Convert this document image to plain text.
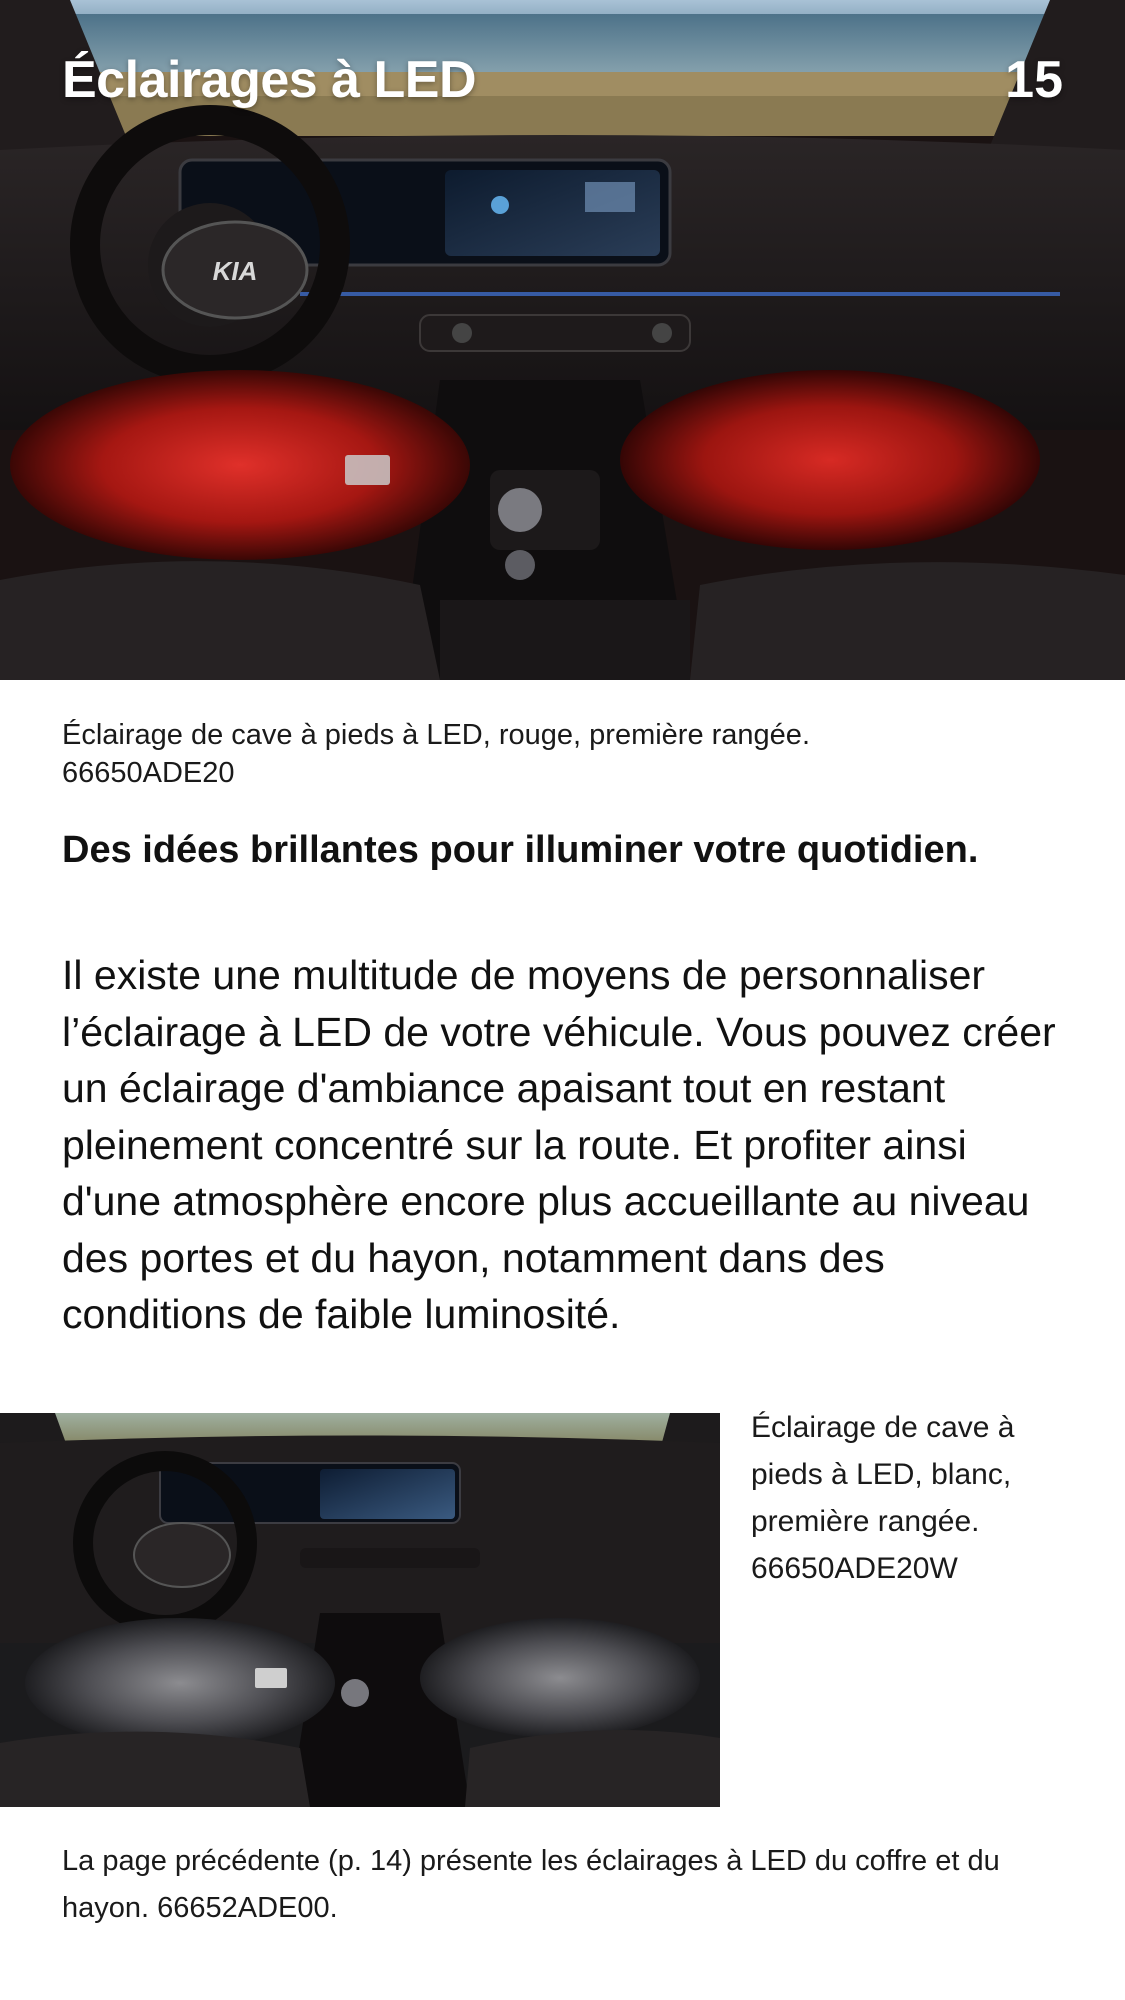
KIA
Éclairages à LED	15
Éclairage de cave à pieds à LED, rouge, première rangée.
66650ADE20
Des idées brillantes pour illuminer votre quotidien.
Il existe une multitude de moyens de personnaliser l’éclairage à LED de votre véhicule. Vous pouvez créer un éclairage d'ambiance apaisant tout en restant pleinement concentré sur la route. Et profiter ainsi d'une atmosphère encore plus accueillante au niveau des portes et du hayon, notamment dans des conditions de faible luminosité.
Éclairage de cave à pieds à LED, blanc, première rangée.
66650ADE20W
La page précédente (p. 14) présente les éclairages à LED du coffre et du hayon. 66652ADE00.
